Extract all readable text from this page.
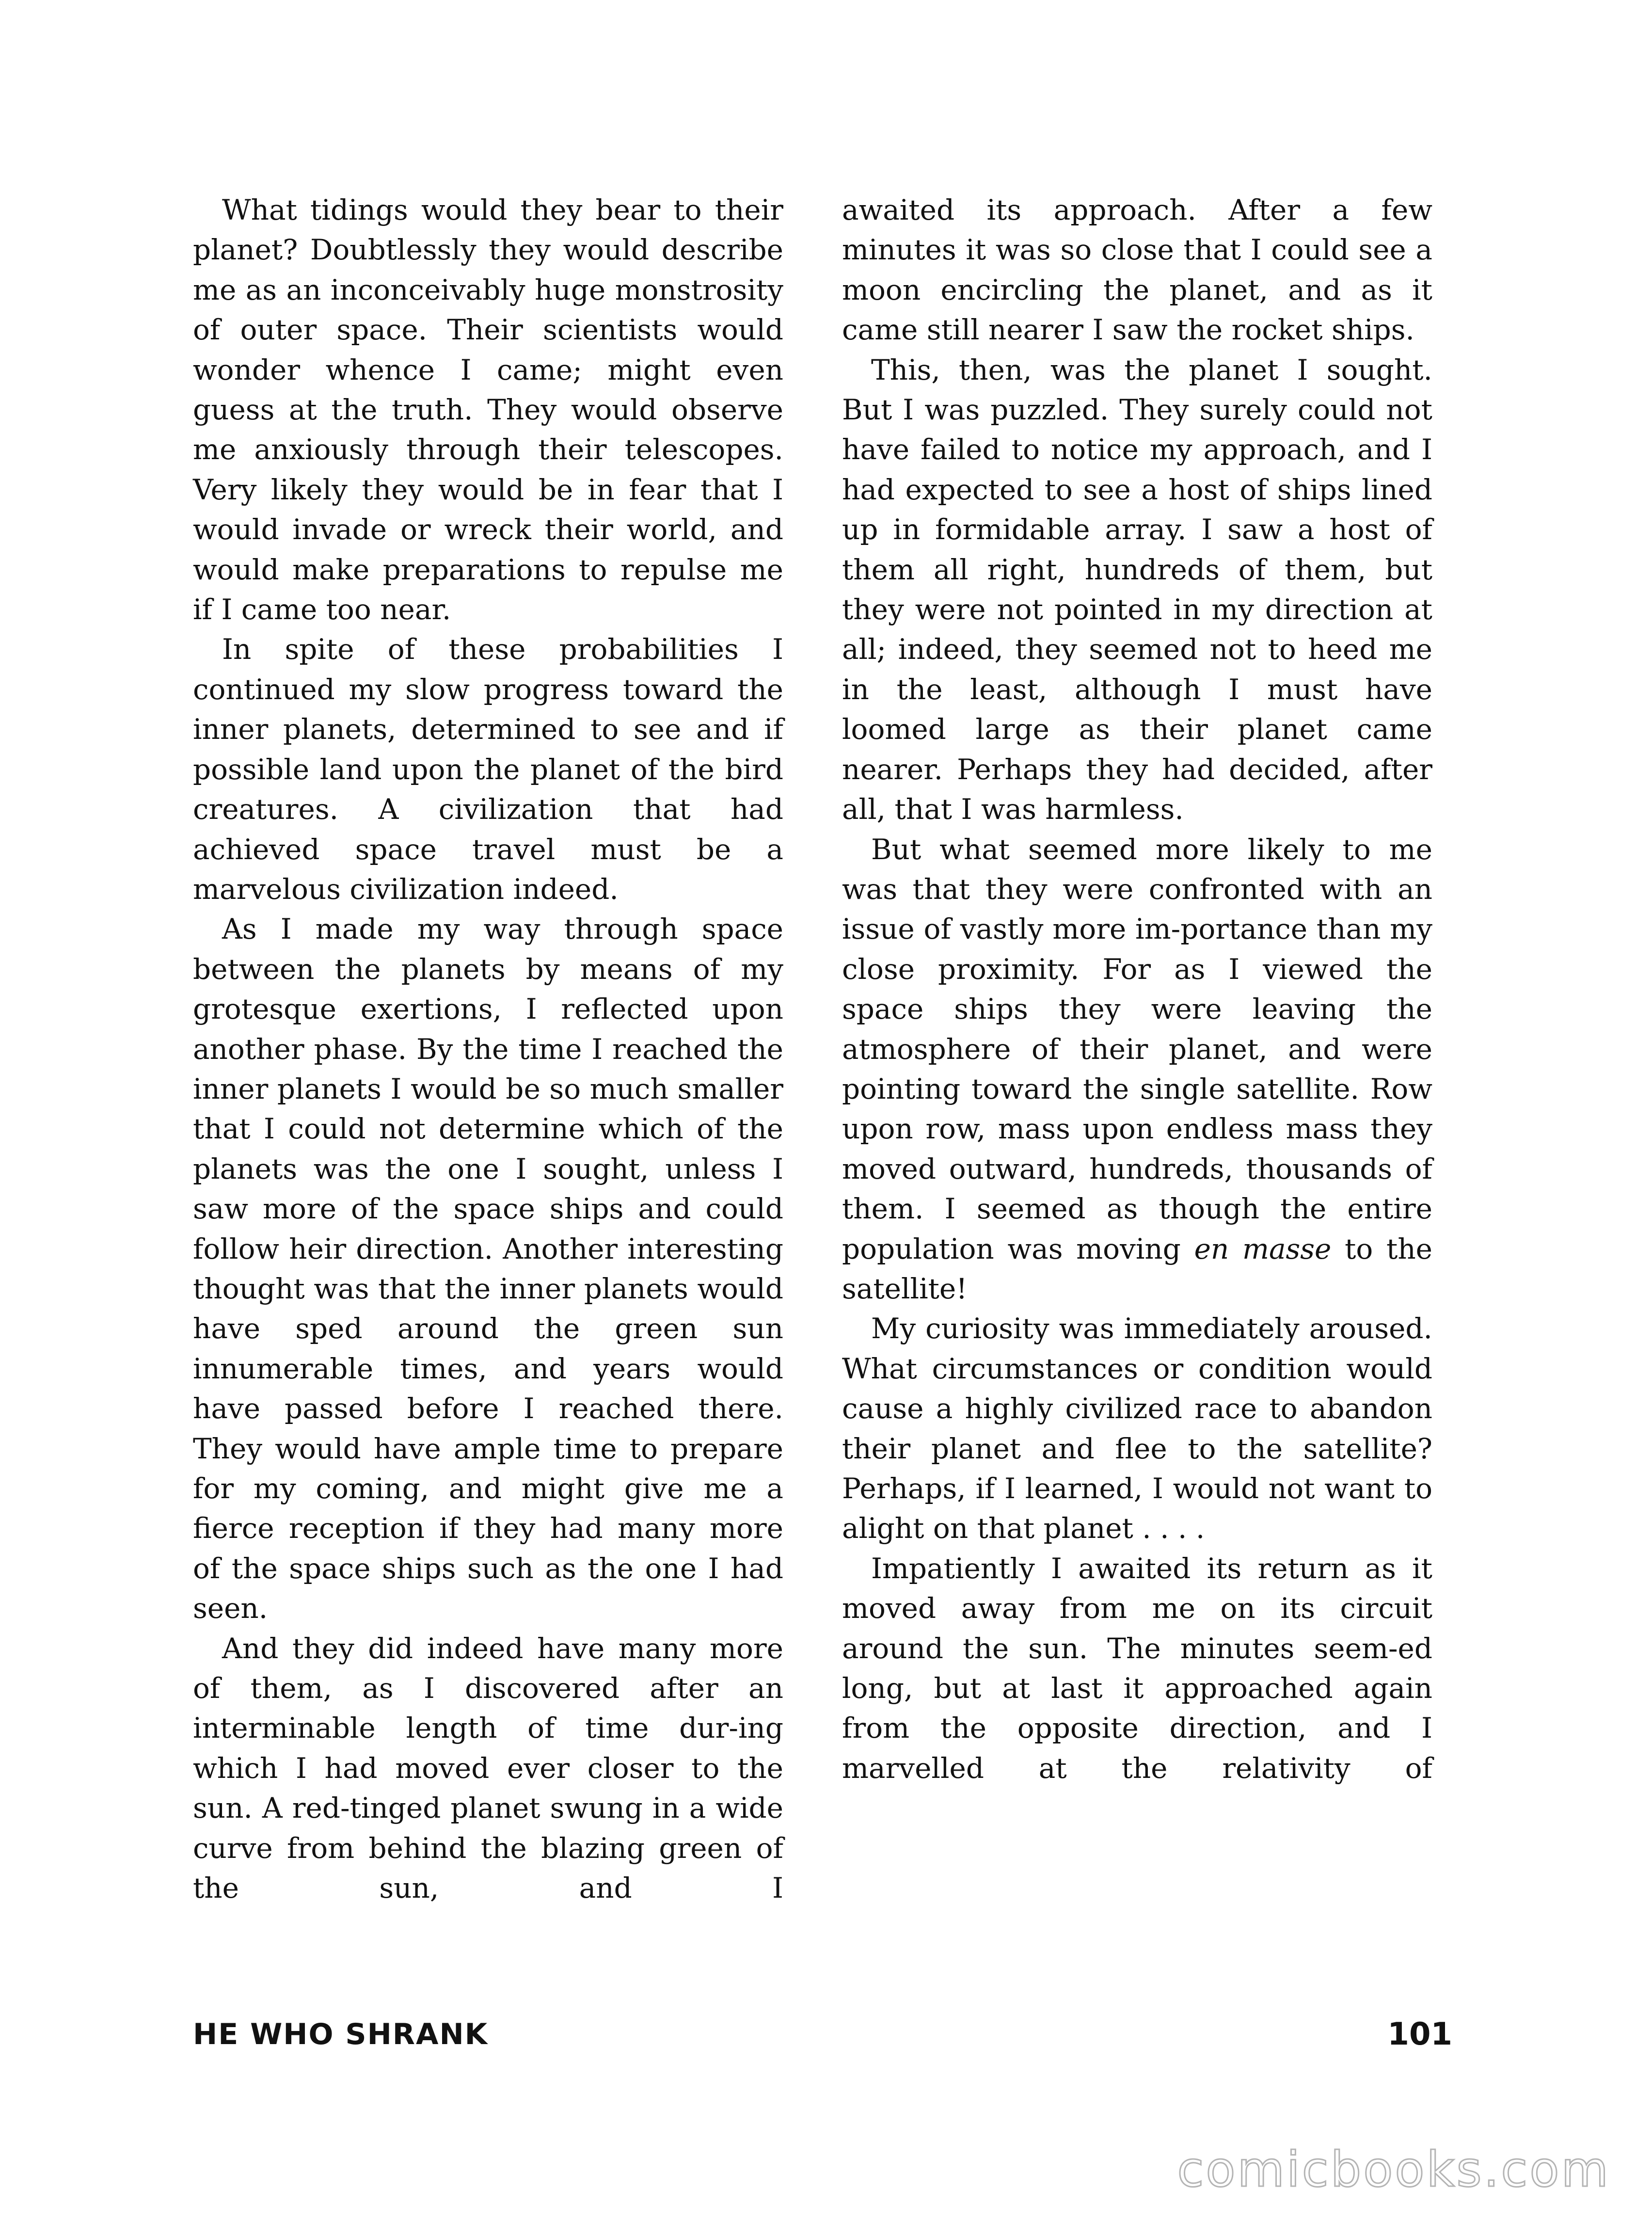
What tidings would they bear to their planet? Doubtlessly they would describe me as an inconceivably huge monstrosity of outer space. Their scientists would wonder whence I came; might even guess at the truth. They would observe me anxiously through their telescopes. Very likely they would be in fear that I would invade or wreck their world, and would make preparations to repulse me if I came too near.

In spite of these probabilities I continued my slow progress toward the inner planets, determined to see and if possible land upon the planet of the bird creatures. A civilization that had achieved space travel must be a marvelous civilization indeed.

As I made my way through space between the planets by means of my grotesque exertions, I reflected upon another phase. By the time I reached the inner planets I would be so much smaller that I could not determine which of the planets was the one I sought, unless I saw more of the space ships and could follow heir direction. Another interesting thought was that the inner planets would have sped around the green sun innumerable times, and years would have passed before I reached there. They would have ample time to prepare for my coming, and might give me a fierce reception if they had many more of the space ships such as the one I had seen.

And they did indeed have many more of them, as I discovered after an interminable length of time dur-ing which I had moved ever closer to the sun. A red-tinged planet swung in a wide curve from behind the blazing green of the sun, and I

awaited its approach. After a few minutes it was so close that I could see a moon encircling the planet, and as it came still nearer I saw the rocket ships.

This, then, was the planet I sought. But I was puzzled. They surely could not have failed to notice my approach, and I had expected to see a host of ships lined up in formidable array. I saw a host of them all right, hundreds of them, but they were not pointed in my direction at all; indeed, they seemed not to heed me in the least, although I must have loomed large as their planet came nearer. Perhaps they had decided, after all, that I was harmless.

But what seemed more likely to me was that they were confronted with an issue of vastly more im-portance than my close proximity. For as I viewed the space ships they were leaving the atmosphere of their planet, and were pointing toward the single satellite. Row upon row, mass upon endless mass they moved outward, hundreds, thousands of them. I seemed as though the entire population was moving en masse to the satellite!

My curiosity was immediately aroused. What circumstances or condition would cause a highly civilized race to abandon their planet and flee to the satellite? Perhaps, if I learned, I would not want to alight on that planet . . . .

Impatiently I awaited its return as it moved away from me on its circuit around the sun. The minutes seem-ed long, but at last it approached again from the opposite direction, and I marvelled at the relativity of

HE WHO SHRANK	101
comicbooks.com
